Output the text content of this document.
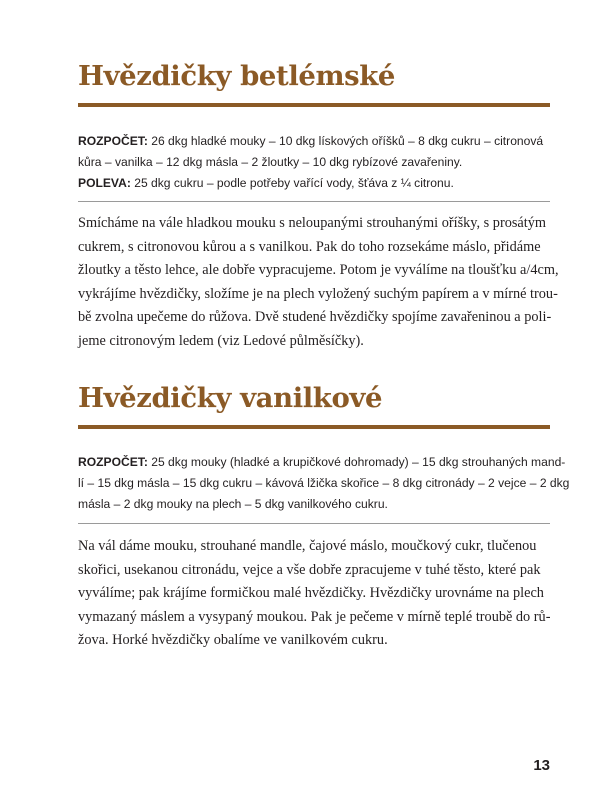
Hvězdičky betlémské
ROZPOČET: 26 dkg hladké mouky – 10 dkg lískových oříšků – 8 dkg cukru – citronová
kůra – vanilka – 12 dkg másla – 2 žloutky – 10 dkg rybízové zavařeniny.
POLEVA: 25 dkg cukru – podle potřeby vařící vody, šťáva z ¼ citronu.
Smícháme na vále hladkou mouku s neloupanými strouhanými oříšky, s prosátým
cukrem, s citronovou kůrou a s vanilkou. Pak do toho rozsekáme máslo, přidáme
žloutky a těsto lehce, ale dobře vypracujeme. Potom je vyválíme na tloušťku a/4cm,
vykrájíme hvězdičky, složíme je na plech vyložený suchým papírem a v mírné trou-
bě zvolna upečeme do růžova. Dvě studené hvězdičky spojíme zavařeninou a poli-
jeme citronovým ledem (viz Ledové půlměsíčky).
Hvězdičky vanilkové
ROZPOČET: 25 dkg mouky (hladké a krupičkové dohromady) – 15 dkg strouhaných mand-
lí – 15 dkg másla – 15 dkg cukru – kávová lžička skořice – 8 dkg citronády – 2 vejce – 2 dkg
másla – 2 dkg mouky na plech – 5 dkg vanilkového cukru.
Na vál dáme mouku, strouhané mandle, čajové máslo, moučkový cukr, tlučenou
skořici, usekanou citronádu, vejce a vše dobře zpracujeme v tuhé těsto, které pak
vyválíme; pak krájíme formičkou malé hvězdičky. Hvězdičky urovnáme na plech
vymazaný máslem a vysypaný moukou. Pak je pečeme v mírně teplé troubě do rů-
žova. Horké hvězdičky obalíme ve vanilkovém cukru.
13
